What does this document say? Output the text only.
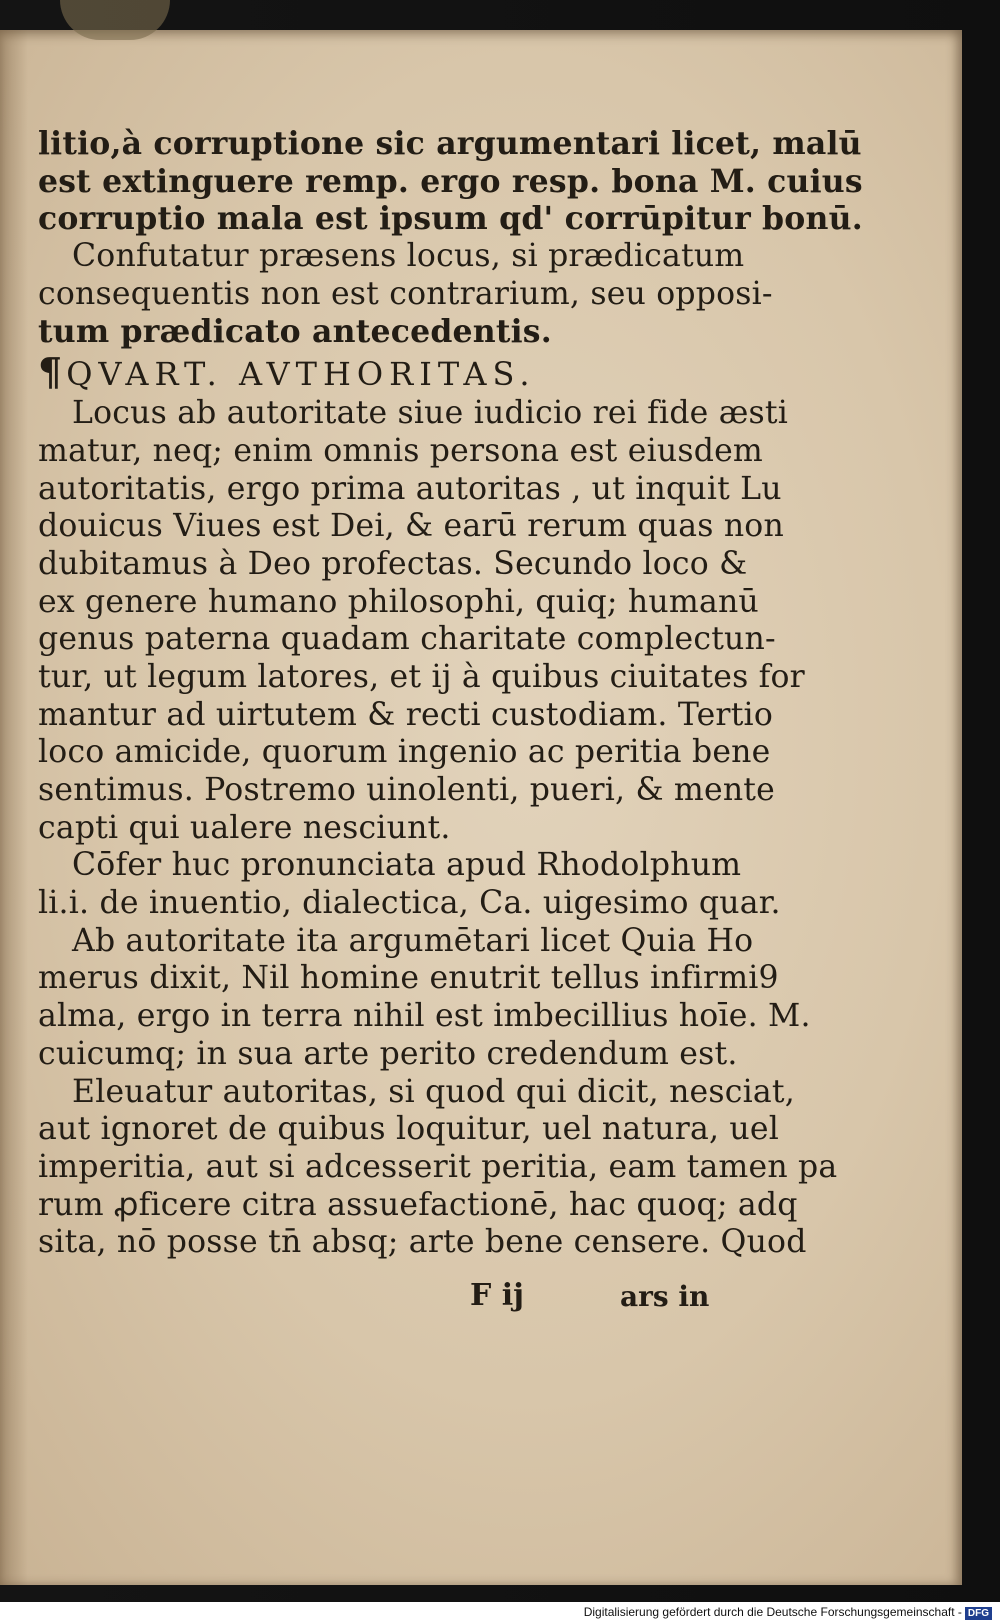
litio,à corruptione sic argumentari licet, malū
est extinguere remp. ergo resp. bona M. cuius
corruptio mala est ipsum qd' corrūpitur bonū.
Confutatur præsens locus, si prædicatum
consequentis non est contrarium, seu opposi-
tum prædicato antecedentis.
¶ QVART. AVTHORITAS.
Locus ab autoritate siue iudicio rei fide æsti
matur, neq; enim omnis persona est eiusdem
autoritatis, ergo prima autoritas , ut inquit Lu
douicus Viues est Dei, & earū rerum quas non
dubitamus à Deo profectas. Secundo loco &
ex genere humano philosophi, quiq; humanū
genus paterna quadam charitate complectun-
tur, ut legum latores, et ij à quibus ciuitates for
mantur ad uirtutem & recti custodiam. Tertio
loco amicide, quorum ingenio ac peritia bene
sentimus. Postremo uinolenti, pueri, & mente
capti qui ualere nesciunt.
Cōfer huc pronunciata apud Rhodolphum
li.i. de inuentio, dialectica, Ca. uigesimo quar.
Ab autoritate ita argumētari licet Quia Ho
merus dixit, Nil homine enutrit tellus infirmi9
alma, ergo in terra nihil est imbecillius hoīe. M.
cuicumq; in sua arte perito credendum est.
Eleuatur autoritas, si quod qui dicit, nesciat,
aut ignoret de quibus loquitur, uel natura, uel
imperitia, aut si adcesserit peritia, eam tamen pa
rum ꝓficere citra assuefactionē, hac quoq; adq
sita, nō posse tn̄ absq; arte bene censere. Quod
F ij	ars in
Digitalisierung gefördert durch die Deutsche Forschungsgemeinschaft - DFG
